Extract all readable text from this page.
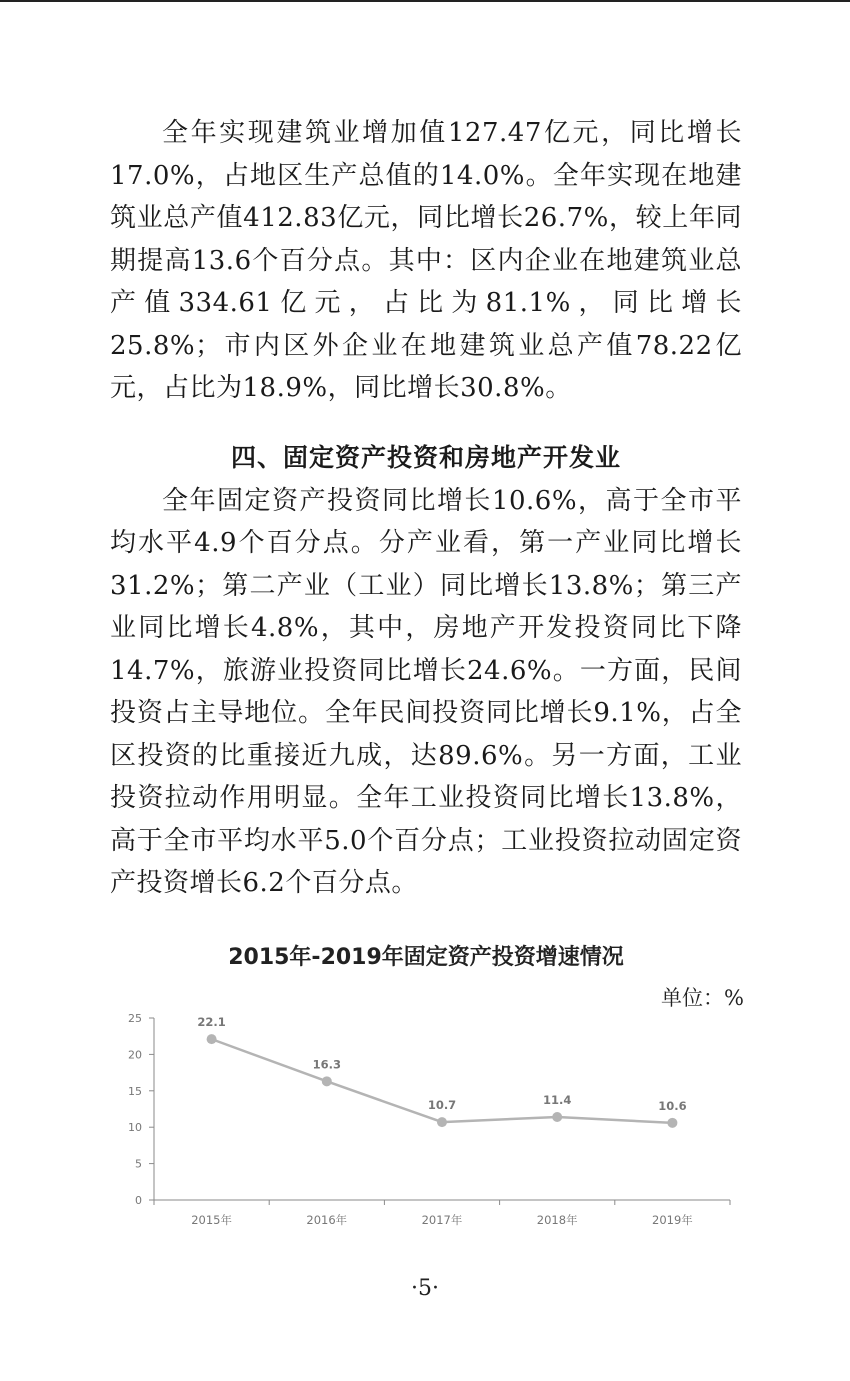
全年实现建筑业增加值127.47亿元，同比增长17.0%，占地区生产总值的14.0%。全年实现在地建筑业总产值412.83亿元，同比增长26.7%，较上年同期提高13.6个百分点。其中：区内企业在地建筑业总产值334.61亿元，占比为81.1%，同比增长25.8%；市内区外企业在地建筑业总产值78.22亿元，占比为18.9%，同比增长30.8%。

四、固定资产投资和房地产开发业

全年固定资产投资同比增长10.6%，高于全市平均水平4.9个百分点。分产业看，第一产业同比增长31.2%；第二产业（工业）同比增长13.8%；第三产业同比增长4.8%，其中，房地产开发投资同比下降14.7%，旅游业投资同比增长24.6%。一方面，民间投资占主导地位。全年民间投资同比增长9.1%，占全区投资的比重接近九成，达89.6%。另一方面，工业投资拉动作用明显。全年工业投资同比增长13.8%，高于全市平均水平5.0个百分点；工业投资拉动固定资产投资增长6.2个百分点。

2015年-2019年固定资产投资增速情况
单位：%
0
5
10
15
20
25
2015年	2016年	2017年	2018年	2019年
22.1
16.3
10.7	11.4	10.6
·5·
